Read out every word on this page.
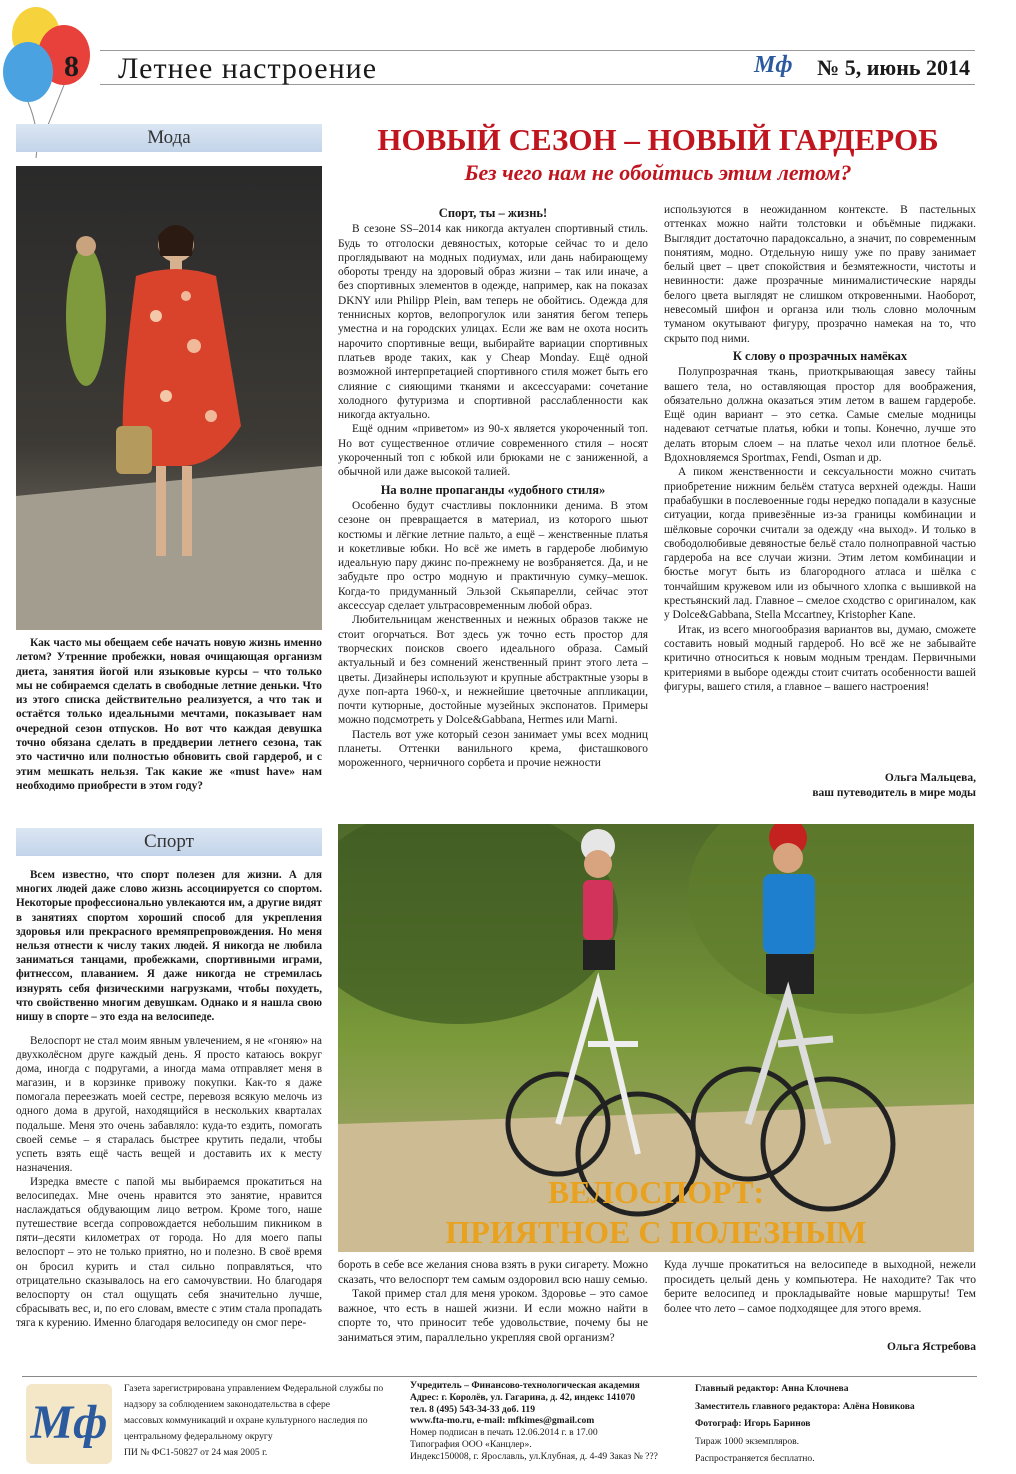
8 Летнее настроение	Мф № 5, июнь 2014
Мода	НОВЫЙ СЕЗОН – НОВЫЙ ГАРДЕРОБ
Без чего нам не обойтись этим летом?

Как часто мы обещаем себе начать новую жизнь именно летом? Утренние пробежки, новая очищающая организм диета, занятия йогой или языковые курсы – что только мы не собираемся сделать в свободные летние деньки. Что из этого списка действительно реализуется, а что так и остаётся только идеальными мечтами, показывает нам очередной сезон отпусков. Но вот что каждая девушка точно обязана сделать в преддверии летнего сезона, так это частично или полностью обновить свой гардероб, и с этим мешкать нельзя. Так какие же «must have» нам необходимо приобрести в этом году?

Спорт, ты – жизнь!

В сезоне SS–2014 как никогда актуален спортивный стиль. Будь то отголоски девяностых, которые сейчас то и дело проглядывают на модных подиумах, или дань набирающему обороты тренду на здоровый образ жизни – так или иначе, а без спортивных элементов в одежде, например, как на показах DKNY или Philipp Plein, вам теперь не обойтись. Одежда для теннисных кортов, велопрогулок или занятия бегом теперь уместна и на городских улицах. Если же вам не охота носить нарочито спортивные вещи, выбирайте вариации спортивных платьев вроде таких, как у Cheap Monday. Ещё одной возможной интерпретацией спортивного стиля может быть его слияние с сияющими тканями и аксессуарами: сочетание холодного футуризма и спортивной расслабленности как никогда актуально.

Ещё одним «приветом» из 90-х является укороченный топ. Но вот существенное отличие современного стиля – носят укороченный топ с юбкой или брюками не с заниженной, а обычной или даже высокой талией.

На волне пропаганды «удобного стиля»

Особенно будут счастливы поклонники денима. В этом сезоне он превращается в материал, из которого шьют костюмы и лёгкие летние пальто, а ещё – женственные платья и кокетливые юбки. Но всё же иметь в гардеробе любимую идеальную пару джинс по-прежнему не возбраняется. Да, и не забудьте про остро модную и практичную сумку–мешок. Когда-то придуманный Эльзой Скьяпарелли, сейчас этот аксессуар сделает ультрасовременным любой образ.

Любительницам женственных и нежных образов также не стоит огорчаться. Вот здесь уж точно есть простор для творческих поисков своего идеального образа. Самый актуальный и без сомнений женственный принт этого лета – цветы. Дизайнеры используют и крупные абстрактные узоры в духе поп-арта 1960-х, и нежнейшие цветочные аппликации, почти кутюрные, достойные музейных экспонатов. Примеры можно подсмотреть у Dolce&Gabbana, Hermes или Marni.

Пастель вот уже который сезон занимает умы всех модниц планеты. Оттенки ванильного крема, фисташкового мороженного, черничного сорбета и прочие нежности

используются в неожиданном контексте. В пастельных оттенках можно найти толстовки и объёмные пиджаки. Выглядит достаточно парадоксально, а значит, по современным понятиям, модно. Отдельную нишу уже по праву занимает белый цвет – цвет спокойствия и безмятежности, чистоты и невинности: даже прозрачные минималистические наряды белого цвета выглядят не слишком откровенными. Наоборот, невесомый шифон и органза или тюль словно молочным туманом окутывают фигуру, прозрачно намекая на то, что скрыто под ними.

К слову о прозрачных намёках

Полупрозрачная ткань, приоткрывающая завесу тайны вашего тела, но оставляющая простор для воображения, обязательно должна оказаться этим летом в вашем гардеробе. Ещё один вариант – это сетка. Самые смелые модницы надевают сетчатые платья, юбки и топы. Конечно, лучше это делать вторым слоем – на платье чехол или плотное бельё. Вдохновляемся Sportmax, Fendi, Osman и др.

А пиком женственности и сексуальности можно считать приобретение нижним бельём статуса верхней одежды. Наши прабабушки в послевоенные годы нередко попадали в казусные ситуации, когда привезённые из-за границы комбинации и шёлковые сорочки считали за одежду «на выход». И только в свободолюбивые девяностые бельё стало полноправной частью гардероба на все случаи жизни. Этим летом комбинации и бюстье могут быть из благородного атласа и шёлка с тончайшим кружевом или из обычного хлопка с вышивкой на крестьянский лад. Главное – смелое сходство с оригиналом, как у Dolce&Gabbana, Stella Mccartney, Kristopher Kane.

Итак, из всего многообразия вариантов вы, думаю, сможете составить новый модный гардероб. Но всё же не забывайте критично относиться к новым модным трендам. Первичными критериями в выборе одежды стоит считать особенности вашей фигуры, вашего стиля, а главное – вашего настроения!

Ольга Мальцева,
ваш путеводитель в мире моды
Спорт

Всем известно, что спорт полезен для жизни. А для многих людей даже слово жизнь ассоциируется со спортом. Некоторые профессионально увлекаются им, а другие видят в занятиях спортом хороший способ для укрепления здоровья или прекрасного времяпрепровождения. Но меня нельзя отнести к числу таких людей. Я никогда не любила заниматься танцами, пробежками, спортивными играми, фитнессом, плаванием. Я даже никогда не стремилась изнурять себя физическими нагрузками, чтобы похудеть, что свойственно многим девушкам. Однако и я нашла свою нишу в спорте – это езда на велосипеде.

Велоспорт не стал моим явным увлечением, я не «гоняю» на двухколёсном друге каждый день. Я просто катаюсь вокруг дома, иногда с подругами, а иногда мама отправляет меня в магазин, и в корзинке привожу покупки. Как-то я даже помогала переезжать моей сестре, перевозя всякую мелочь из одного дома в другой, находящийся в нескольких кварталах подальше. Меня это очень забавляло: куда-то ездить, помогать своей семье – я старалась быстрее крутить педали, чтобы успеть взять ещё часть вещей и доставить их к месту назначения.

Изредка вместе с папой мы выбираемся прокатиться на велосипедах. Мне очень нравится это занятие, нравится наслаждаться обдувающим лицо ветром. Кроме того, наше путешествие всегда сопровождается небольшим пикником в пяти–десяти километрах от города. Но для моего папы велоспорт – это не только приятно, но и полезно. В своё время он бросил курить и стал сильно поправляться, что отрицательно сказывалось на его самочувствии. Но благодаря велоспорту он стал ощущать себя значительно лучше, сбрасывать вес, и, по его словам, вместе с этим стала пропадать тяга к курению. Именно благодаря велосипеду он смог пере-

ВЕЛОСПОРТ:
ПРИЯТНОЕ С ПОЛЕЗНЫМ

бороть в себе все желания снова взять в руки сигарету. Можно сказать, что велоспорт тем самым оздоровил всю нашу семью.

Такой пример стал для меня уроком. Здоровье – это самое важное, что есть в нашей жизни. И если можно найти в спорте то, что приносит тебе удовольствие, почему бы не заниматься этим, параллельно укрепляя свой организм?

Куда лучше прокатиться на велосипеде в выходной, нежели просидеть целый день у компьютера. Не находите? Так что берите велосипед и прокладывайте новые маршруты! Тем более что лето – самое подходящее для этого время.

Ольга Ястребова
Мф
Газета зарегистрирована управлением Федеральной службы по надзору за соблюдением законодательства в сфере
массовых коммуникаций и охране культурного наследия по
центральному федеральному округу
ПИ № ФС1-50827 от 24 мая 2005 г.
Учредитель – Финансово-технологическая академия
Адрес: г. Королёв, ул. Гагарина, д. 42, индекс 141070
тел. 8 (495) 543-34-33 доб. 119
www.fta-mo.ru, e-mail: mfkimes@gmail.com
Номер подписан в печать 12.06.2014 г. в 17.00
Типография ООО «Канцлер».
Индекс150008, г. Ярославль, ул.Клубная, д. 4-49 Заказ № ???
Главный редактор: Анна Клочнева
Заместитель главного редактора: Алёна Новикова
Фотограф: Игорь Баринов
Тираж 1000 экземпляров.
Распространяется бесплатно.
